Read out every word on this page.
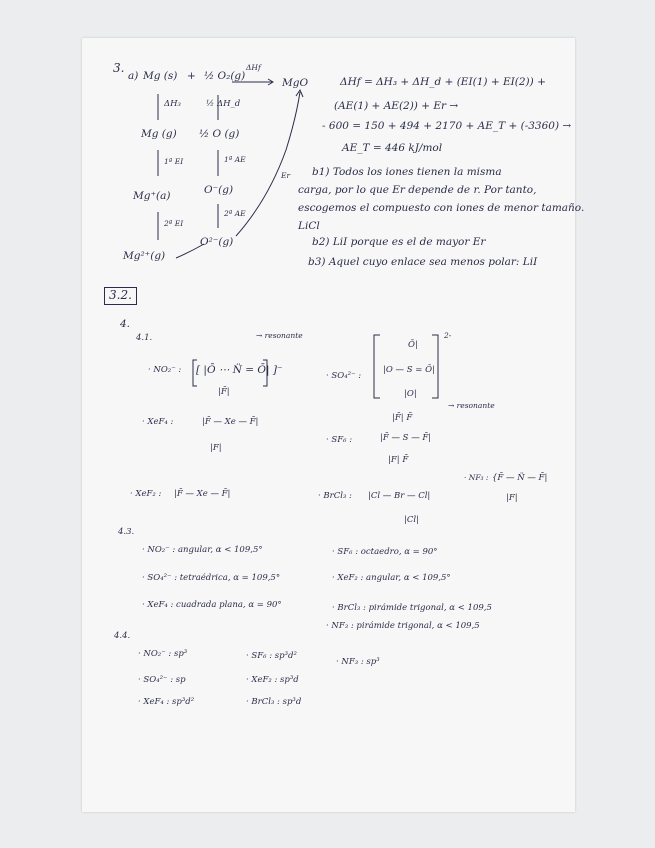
3.
a) Mg (s) + ½ O₂(g)
ΔHf
MgO
ΔH₃
Mg (g)
1ª EI
Mg⁺(a)
2ª EI
Mg²⁺(g)
½ ΔH_d
½ O (g)
1ª AE
O⁻(g)
2ª AE
O²⁻(g)
Er
ΔHf = ΔH₃ + ΔH_d + (EI(1) + EI(2)) +
(AE(1) + AE(2)) + Er →
- 600 = 150 + 494 + 2170 + AE_T + (-3360) →
AE_T = 446 kJ/mol
b1) Todos los iones tienen la misma
carga, por lo que Er depende de r. Por tanto,
escogemos el compuesto con iones de menor tamaño.
LiCl
b2) LiI porque es el de mayor Er
b3) Aquel cuyo enlace sea menos polar: LiI
3.2.
4.
4.1.	→ resonante
· NO₂⁻ : [ |Ō ⋯ N̈ = Ō| ]⁻	· SO₄²⁻ :
Ō|
|O — S = Ō|
|O|
2-
→ resonante
· XeF₄ :	|F̄ — Xe — F̄|
|F̄|
|F|
· SF₆ :
|F̄| F̄
|F̄ — S — F̄|
|F| F̄
· NF₃ : {F̄ — N̈ — F̄|
|F|
· XeF₂ : |F̄ — Xe — F̄|	· BrCl₃ : |Cl — Br — Cl|
|Cl|
4.3.
· NO₂⁻ : angular, α < 109,5°
· SO₄²⁻ : tetraédrica, α = 109,5°
· XeF₄ : cuadrada plana, α = 90°
· SF₆ : octaedro, α = 90°
· XeF₂ : angular, α < 109,5°
· BrCl₃ : pirámide trigonal, α < 109,5
· NF₃ : pirámide trigonal, α < 109,5
4.4.
· NO₂⁻ : sp³
· SO₄²⁻ : sp
· XeF₄ : sp³d²
· SF₆ : sp³d²
· XeF₂ : sp³d
· BrCl₃ : sp³d
· NF₃ : sp³
